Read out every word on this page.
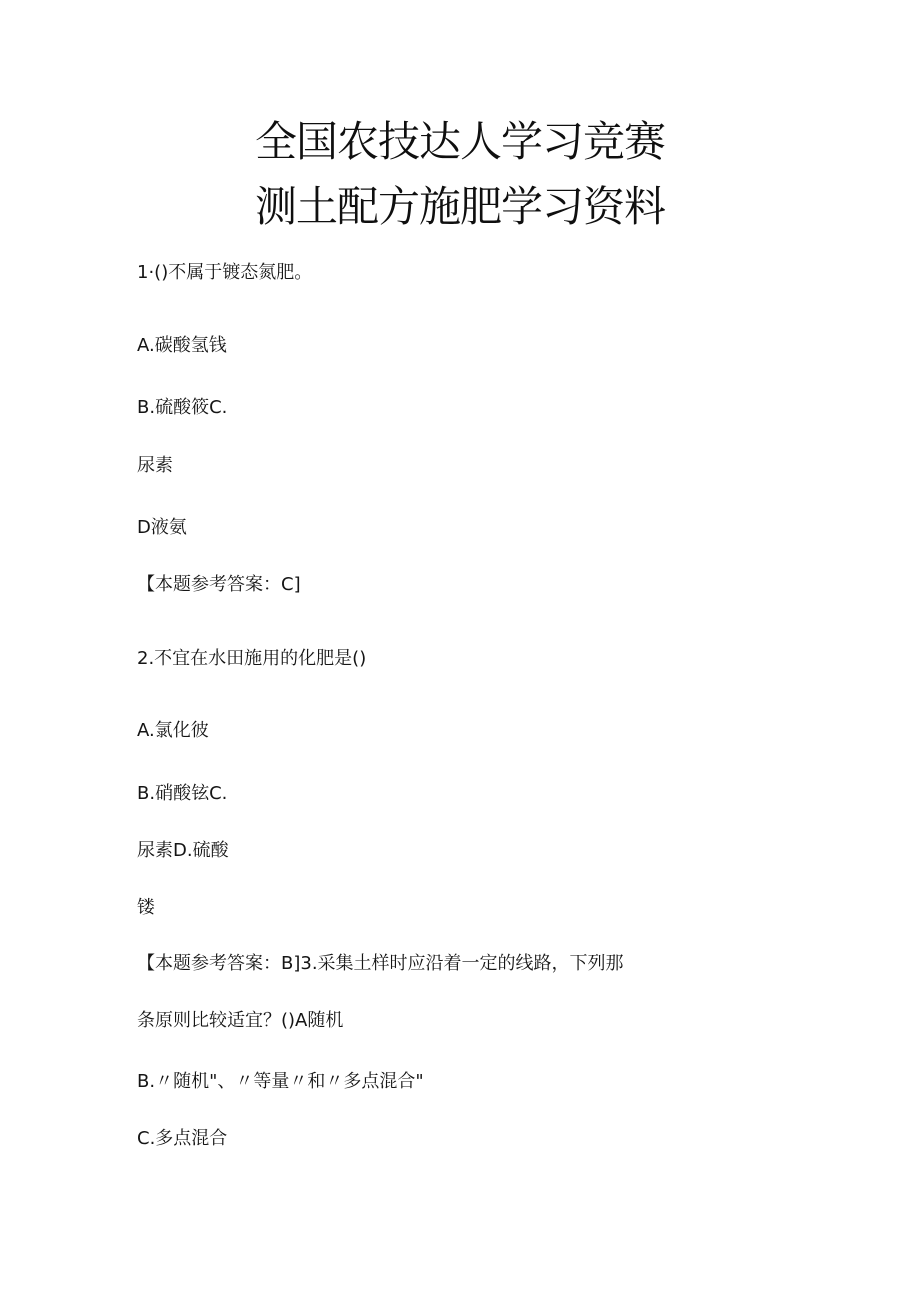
全国农技达人学习竞赛
测土配方施肥学习资料
1·()不属于镀态氮肥。
A.碳酸氢钱
B.硫酸筱C.
尿素
D液氨
【本题参考答案：C]
2.不宜在水田施用的化肥是()
A.氯化彼
B.硝酸铉C.
尿素D.硫酸
镂
【本题参考答案：B]3.采集土样时应沿着一定的线路，下列那
条原则比较适宜？()A随机
B.〃随机"、〃等量〃和〃多点混合"
C.多点混合
